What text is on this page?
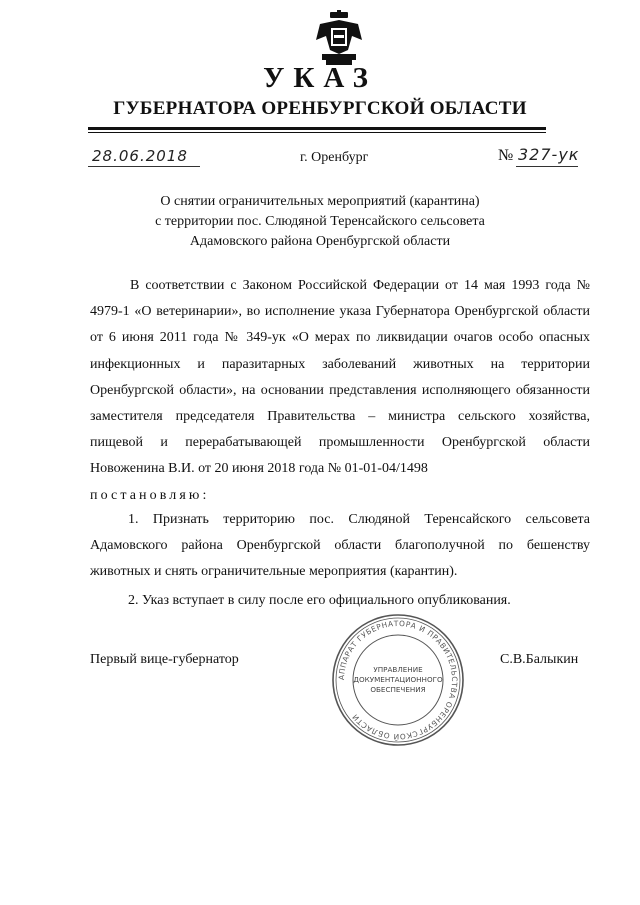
УКАЗ
ГУБЕРНАТОРА ОРЕНБУРГСКОЙ ОБЛАСТИ
28.06.2018	г. Оренбург	№ 327-ук
О снятии ограничительных мероприятий (карантина)
с территории пос. Слюдяной Теренсайского сельсовета
Адамовского района Оренбургской области

В соответствии с Законом Российской Федерации от 14 мая 1993 года № 4979-1 «О ветеринарии», во исполнение указа Губернатора Оренбургской области от 6 июня 2011 года № 349-ук «О мерах по ликвидации очагов особо опасных инфекционных и паразитарных заболеваний животных на территории Оренбургской области», на основании представления исполняющего обязанности заместителя председателя Правительства – министра сельского хозяйства, пищевой и перерабатывающей промышленности Оренбургской области Новоженина В.И. от 20 июня 2018 года № 01-01-04/1498

постановляю:

1. Признать территорию пос. Слюдяной Теренсайского сельсовета Адамовского района Оренбургской области благополучной по бешенству животных и снять ограничительные мероприятия (карантин).

2. Указ вступает в силу после его официального опубликования.

Первый вице-губернатор	С.В.Балыкин
АППАРАТ ГУБЕРНАТОРА И ПРАВИТЕЛЬСТВА ОРЕНБУРГСКОЙ ОБЛАСТИ
УПРАВЛЕНИЕ
ДОКУМЕНТАЦИОННОГО
ОБЕСПЕЧЕНИЯ
